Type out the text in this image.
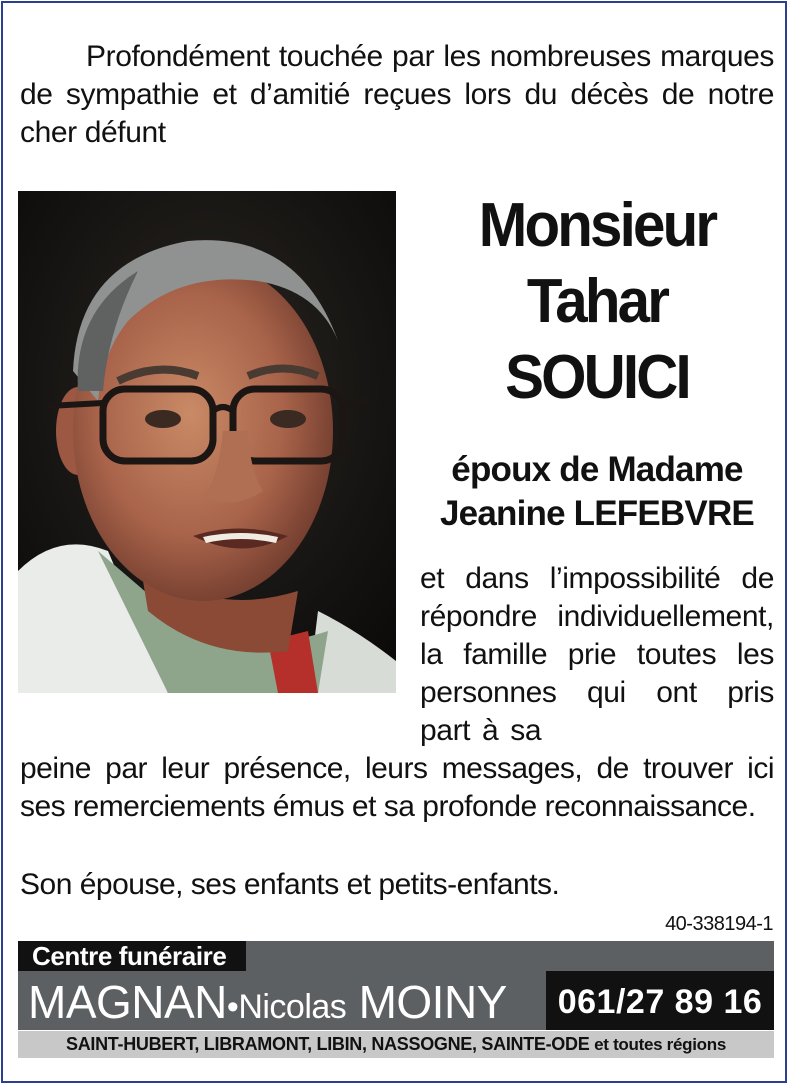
Profondément touchée par les nombreuses marques de sympathie et d’amitié reçues lors du décès de notre cher défunt

Monsieur
Tahar
SOUICI
époux de Madame
Jeanine LEFEBVRE
et dans l’impossibilité de répondre individuellement, la famille prie toutes les personnes qui ont pris part à sa
peine par leur présence, leurs messages, de trouver ici ses remerciements émus et sa profonde reconnaissance.
Son épouse, ses enfants et petits-enfants.
40-338194-1
Centre funéraire
MAGNAN•Nicolas MOINY	061/27 89 16
SAINT-HUBERT, LIBRAMONT, LIBIN, NASSOGNE, SAINTE-ODE et toutes régions
